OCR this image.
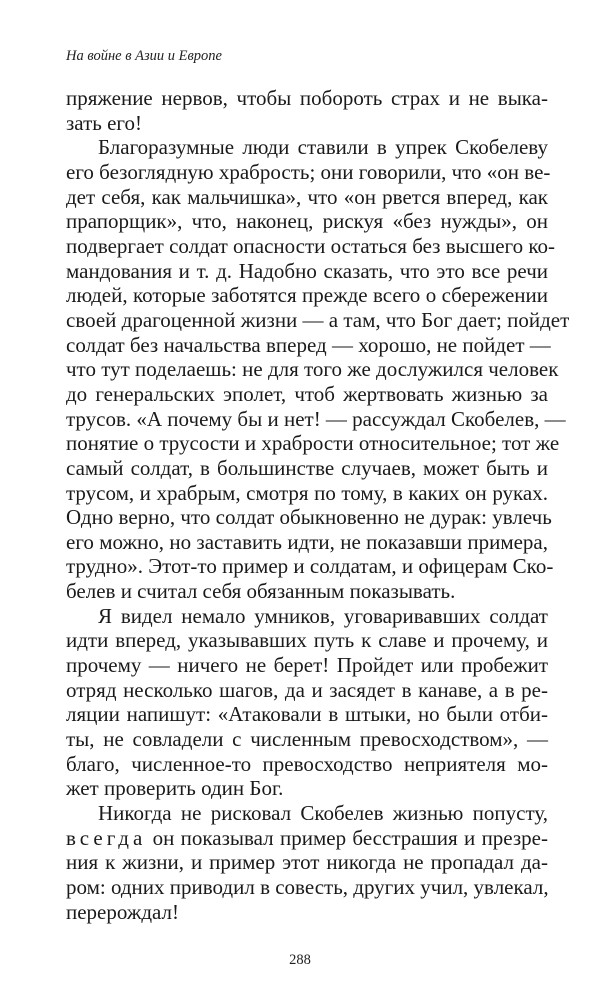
На войне в Азии и Европе
пряжение нервов, чтобы побороть страх и не выка-
зать его!
Благоразумные люди ставили в упрек Скобелеву
его безоглядную храбрость; они говорили, что «он ве-
дет себя, как мальчишка», что «он рвется вперед, как
прапорщик», что, наконец, рискуя «без нужды», он
подвергает солдат опасности остаться без высшего ко-
мандования и т. д. Надобно сказать, что это все речи
людей, которые заботятся прежде всего о сбережении
своей драгоценной жизни — а там, что Бог дает; пойдет
солдат без начальства вперед — хорошо, не пойдет —
что тут поделаешь: не для того же дослужился человек
до генеральских эполет, чтоб жертвовать жизнью за
трусов. «А почему бы и нет! — рассуждал Скобелев, —
понятие о трусости и храбрости относительное; тот же
самый солдат, в большинстве случаев, может быть и
трусом, и храбрым, смотря по тому, в каких он руках.
Одно верно, что солдат обыкновенно не дурак: увлечь
его можно, но заставить идти, не показавши примера,
трудно». Этот-то пример и солдатам, и офицерам Ско-
белев и считал себя обязанным показывать.
Я видел немало умников, уговаривавших солдат
идти вперед, указывавших путь к славе и прочему, и
прочему — ничего не берет! Пройдет или пробежит
отряд несколько шагов, да и засядет в канаве, а в ре-
ляции напишут: «Атаковали в штыки, но были отби-
ты, не совладели с численным превосходством», —
благо, численное-то превосходство неприятеля мо-
жет проверить один Бог.
Никогда не рисковал Скобелев жизнью попусту,
всегда он показывал пример бесстрашия и презре-
ния к жизни, и пример этот никогда не пропадал да-
ром: одних приводил в совесть, других учил, увлекал,
перерождал!
288
